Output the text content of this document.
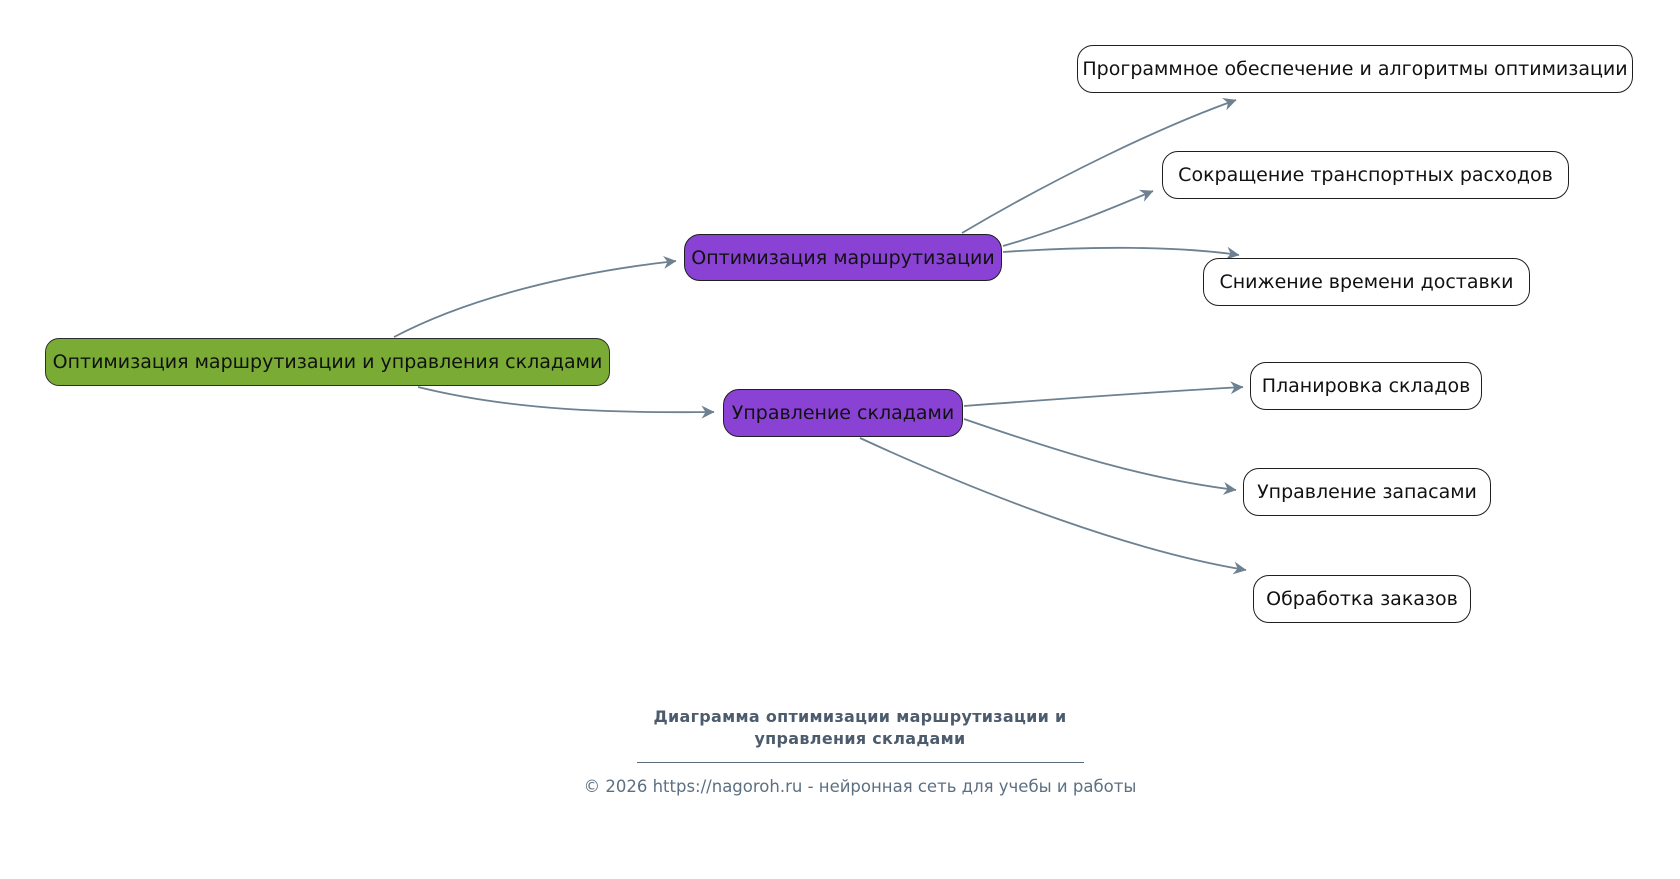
Оптимизация маршрутизации и управления складами
Оптимизация маршрутизации
Управление складами
Программное обеспечение и алгоритмы оптимизации
Сокращение транспортных расходов
Снижение времени доставки
Планировка складов
Управление запасами
Обработка заказов
Диаграмма оптимизации маршрутизации и
управления складами
© 2026 https://nagoroh.ru - нейронная сеть для учебы и работы
